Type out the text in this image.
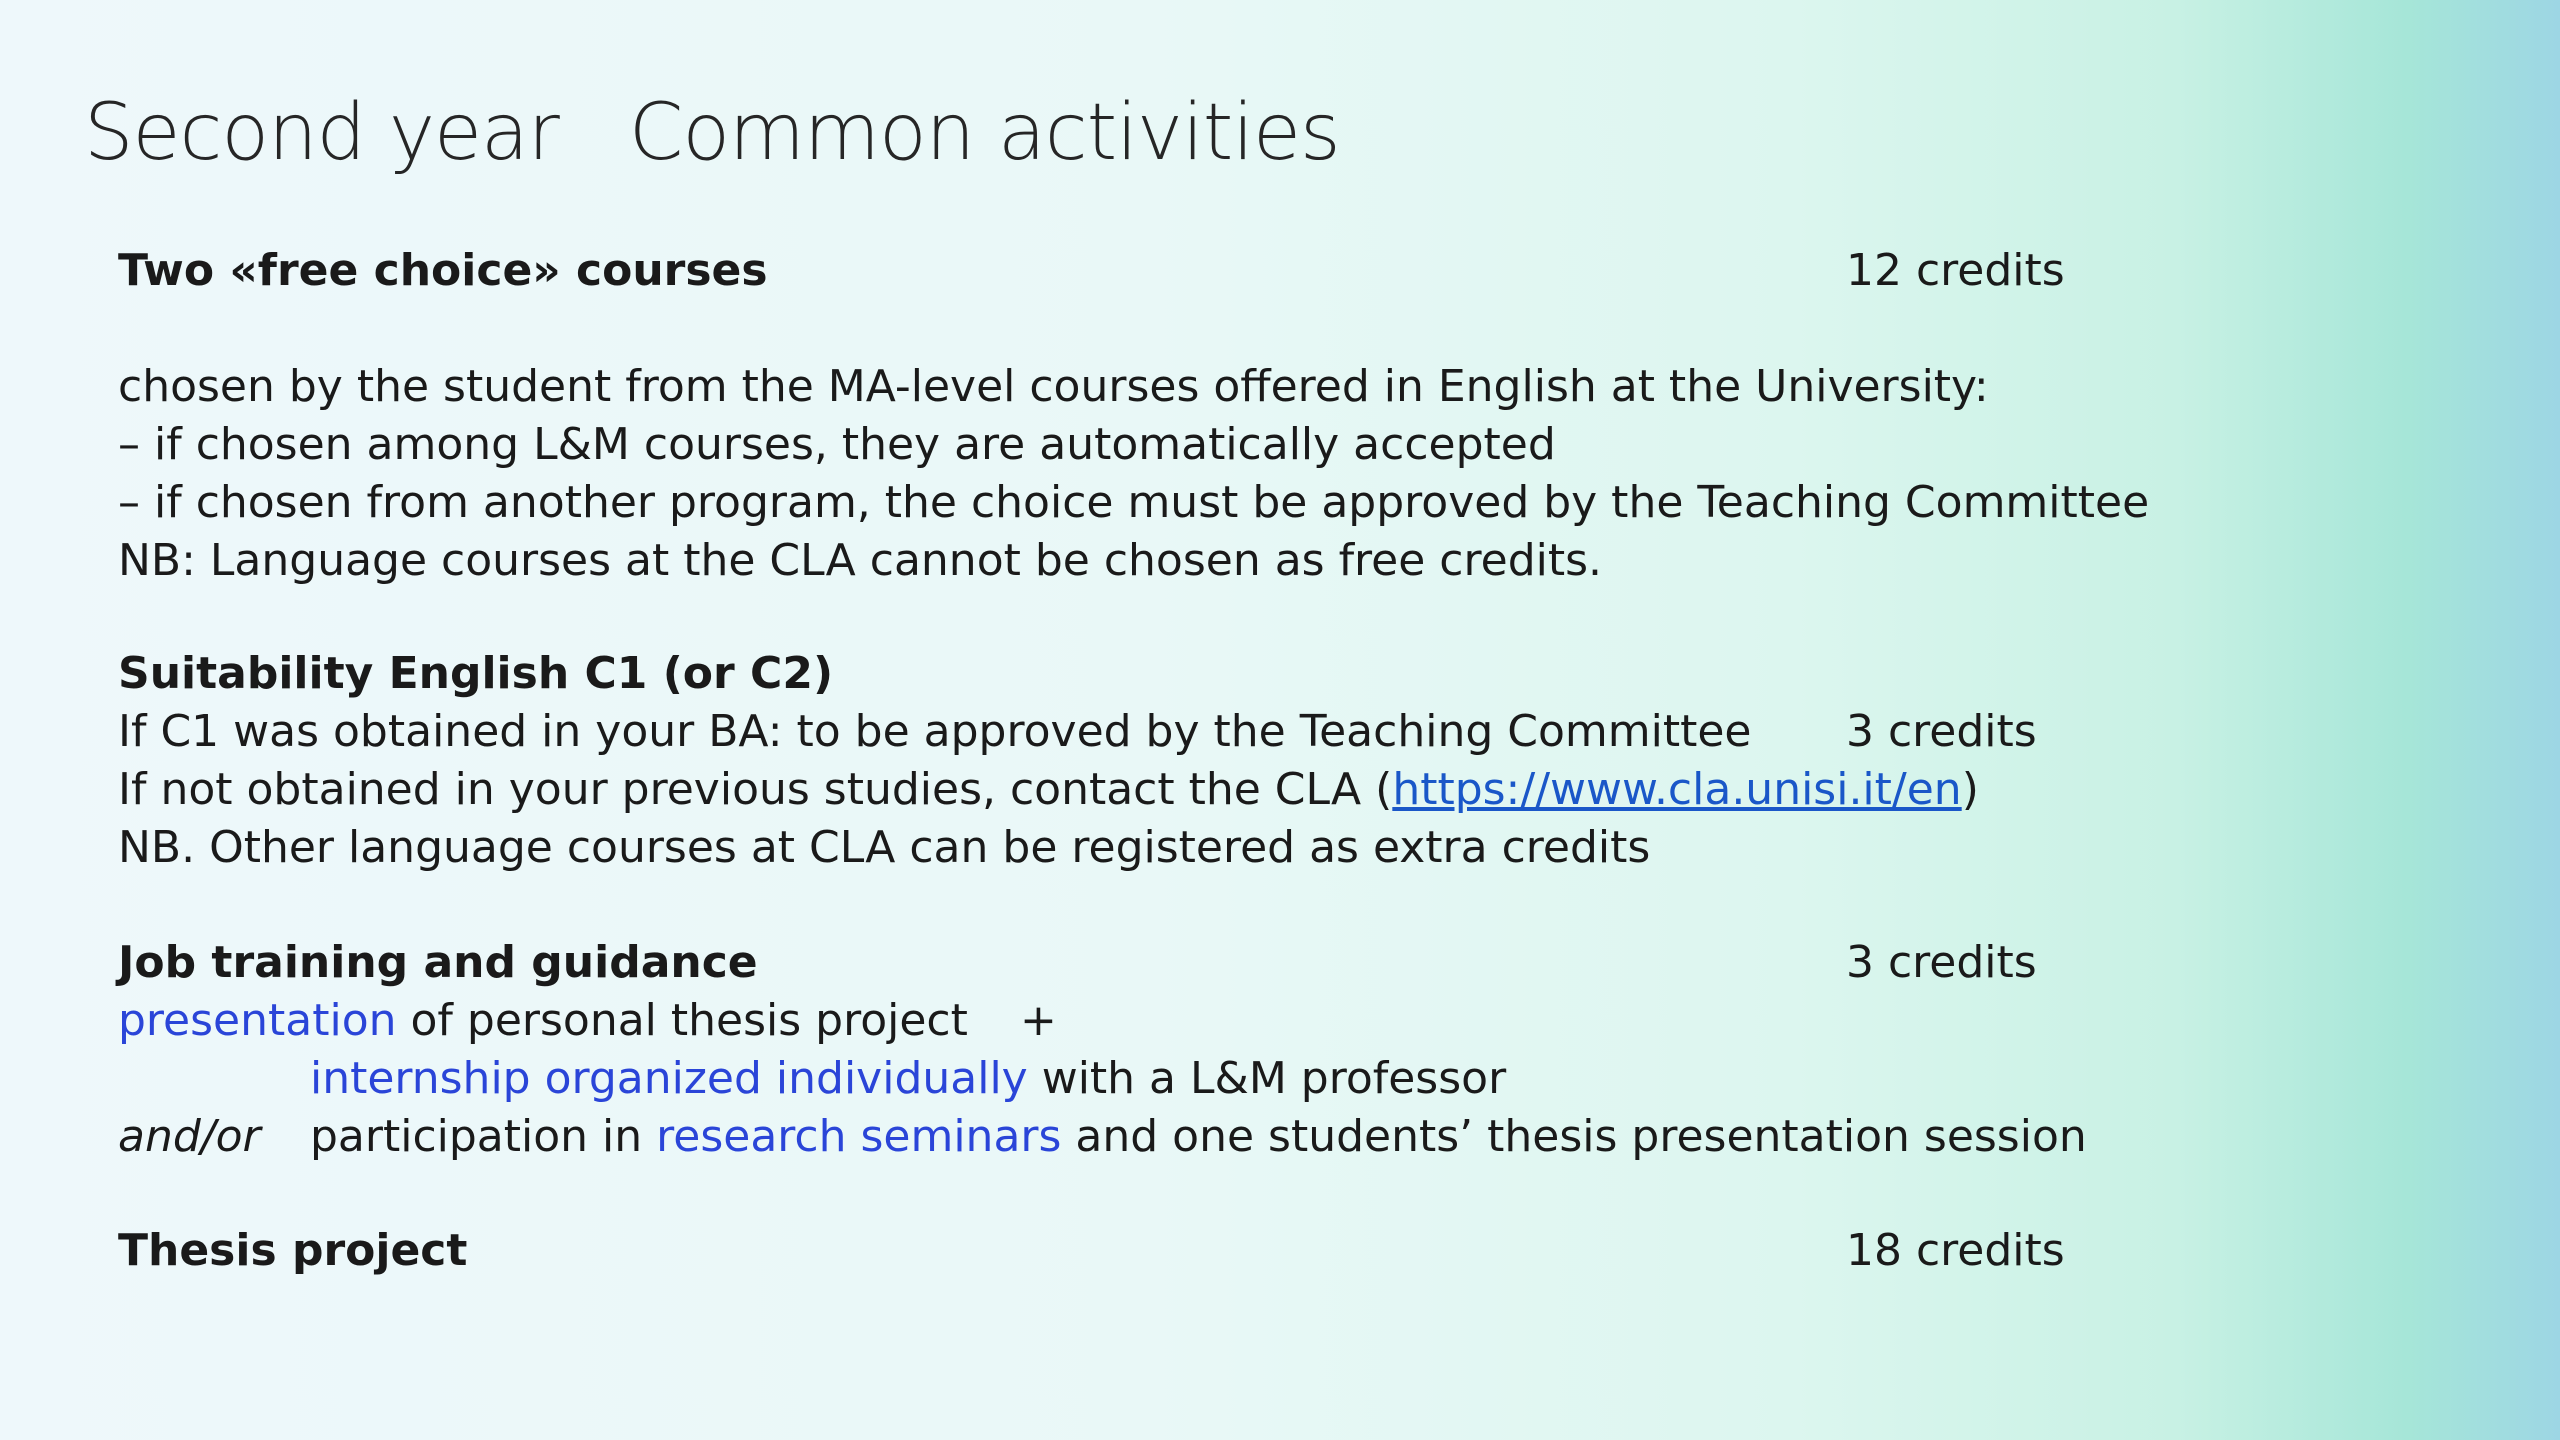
Second year Common activities
Two «free choice» courses	12 credits
chosen by the student from the MA-level courses offered in English at the University:
– if chosen among L&M courses, they are automatically accepted
– if chosen from another program, the choice must be approved by the Teaching Committee
NB: Language courses at the CLA cannot be chosen as free credits.
Suitability English C1 (or C2)
If C1 was obtained in your BA: to be approved by the Teaching Committee 3 credits
If not obtained in your previous studies, contact the CLA (https://www.cla.unisi.it/en)
NB. Other language courses at CLA can be registered as extra credits
Job training and guidance	3 credits
presentation of personal thesis project +
internship organized individually with a L&M professor
and/or participation in research seminars and one students’ thesis presentation session
Thesis project	18 credits
